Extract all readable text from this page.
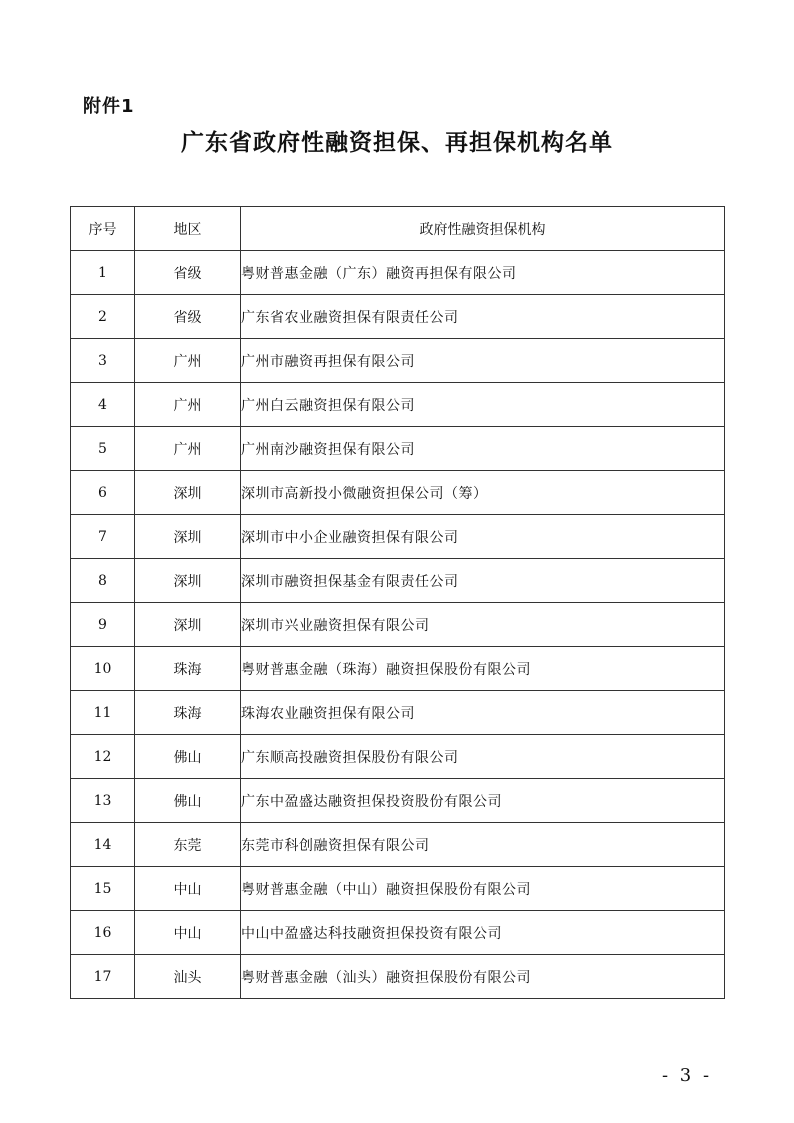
附件1
广东省政府性融资担保、再担保机构名单
序号	地区	政府性融资担保机构
1	省级	粤财普惠金融（广东）融资再担保有限公司
2	省级	广东省农业融资担保有限责任公司
3	广州	广州市融资再担保有限公司
4	广州	广州白云融资担保有限公司
5	广州	广州南沙融资担保有限公司
6	深圳	深圳市高新投小微融资担保公司（筹）
7	深圳	深圳市中小企业融资担保有限公司
8	深圳	深圳市融资担保基金有限责任公司
9	深圳	深圳市兴业融资担保有限公司
10	珠海	粤财普惠金融（珠海）融资担保股份有限公司
11	珠海	珠海农业融资担保有限公司
12	佛山	广东顺高投融资担保股份有限公司
13	佛山	广东中盈盛达融资担保投资股份有限公司
14	东莞	东莞市科创融资担保有限公司
15	中山	粤财普惠金融（中山）融资担保股份有限公司
16	中山	中山中盈盛达科技融资担保投资有限公司
17	汕头	粤财普惠金融（汕头）融资担保股份有限公司
- 3 -
